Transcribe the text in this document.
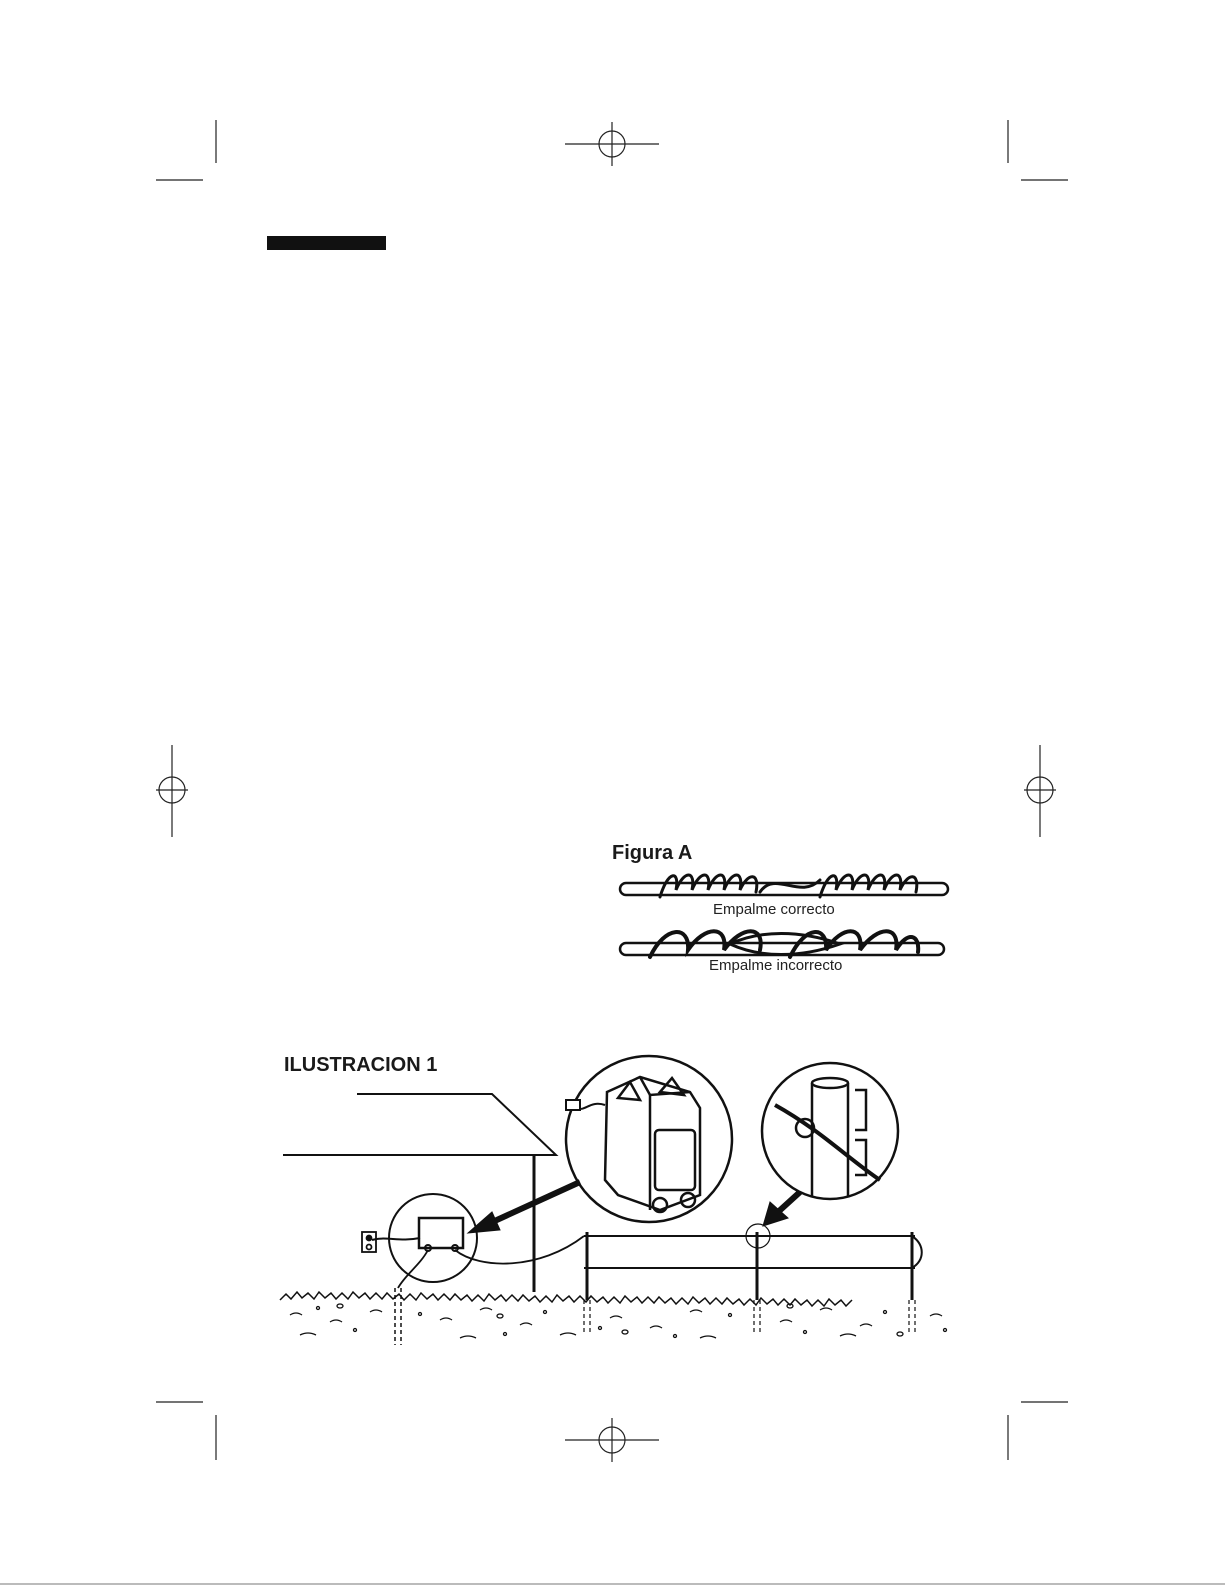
Figura A
Empalme correcto
Empalme incorrecto
ILUSTRACION 1
